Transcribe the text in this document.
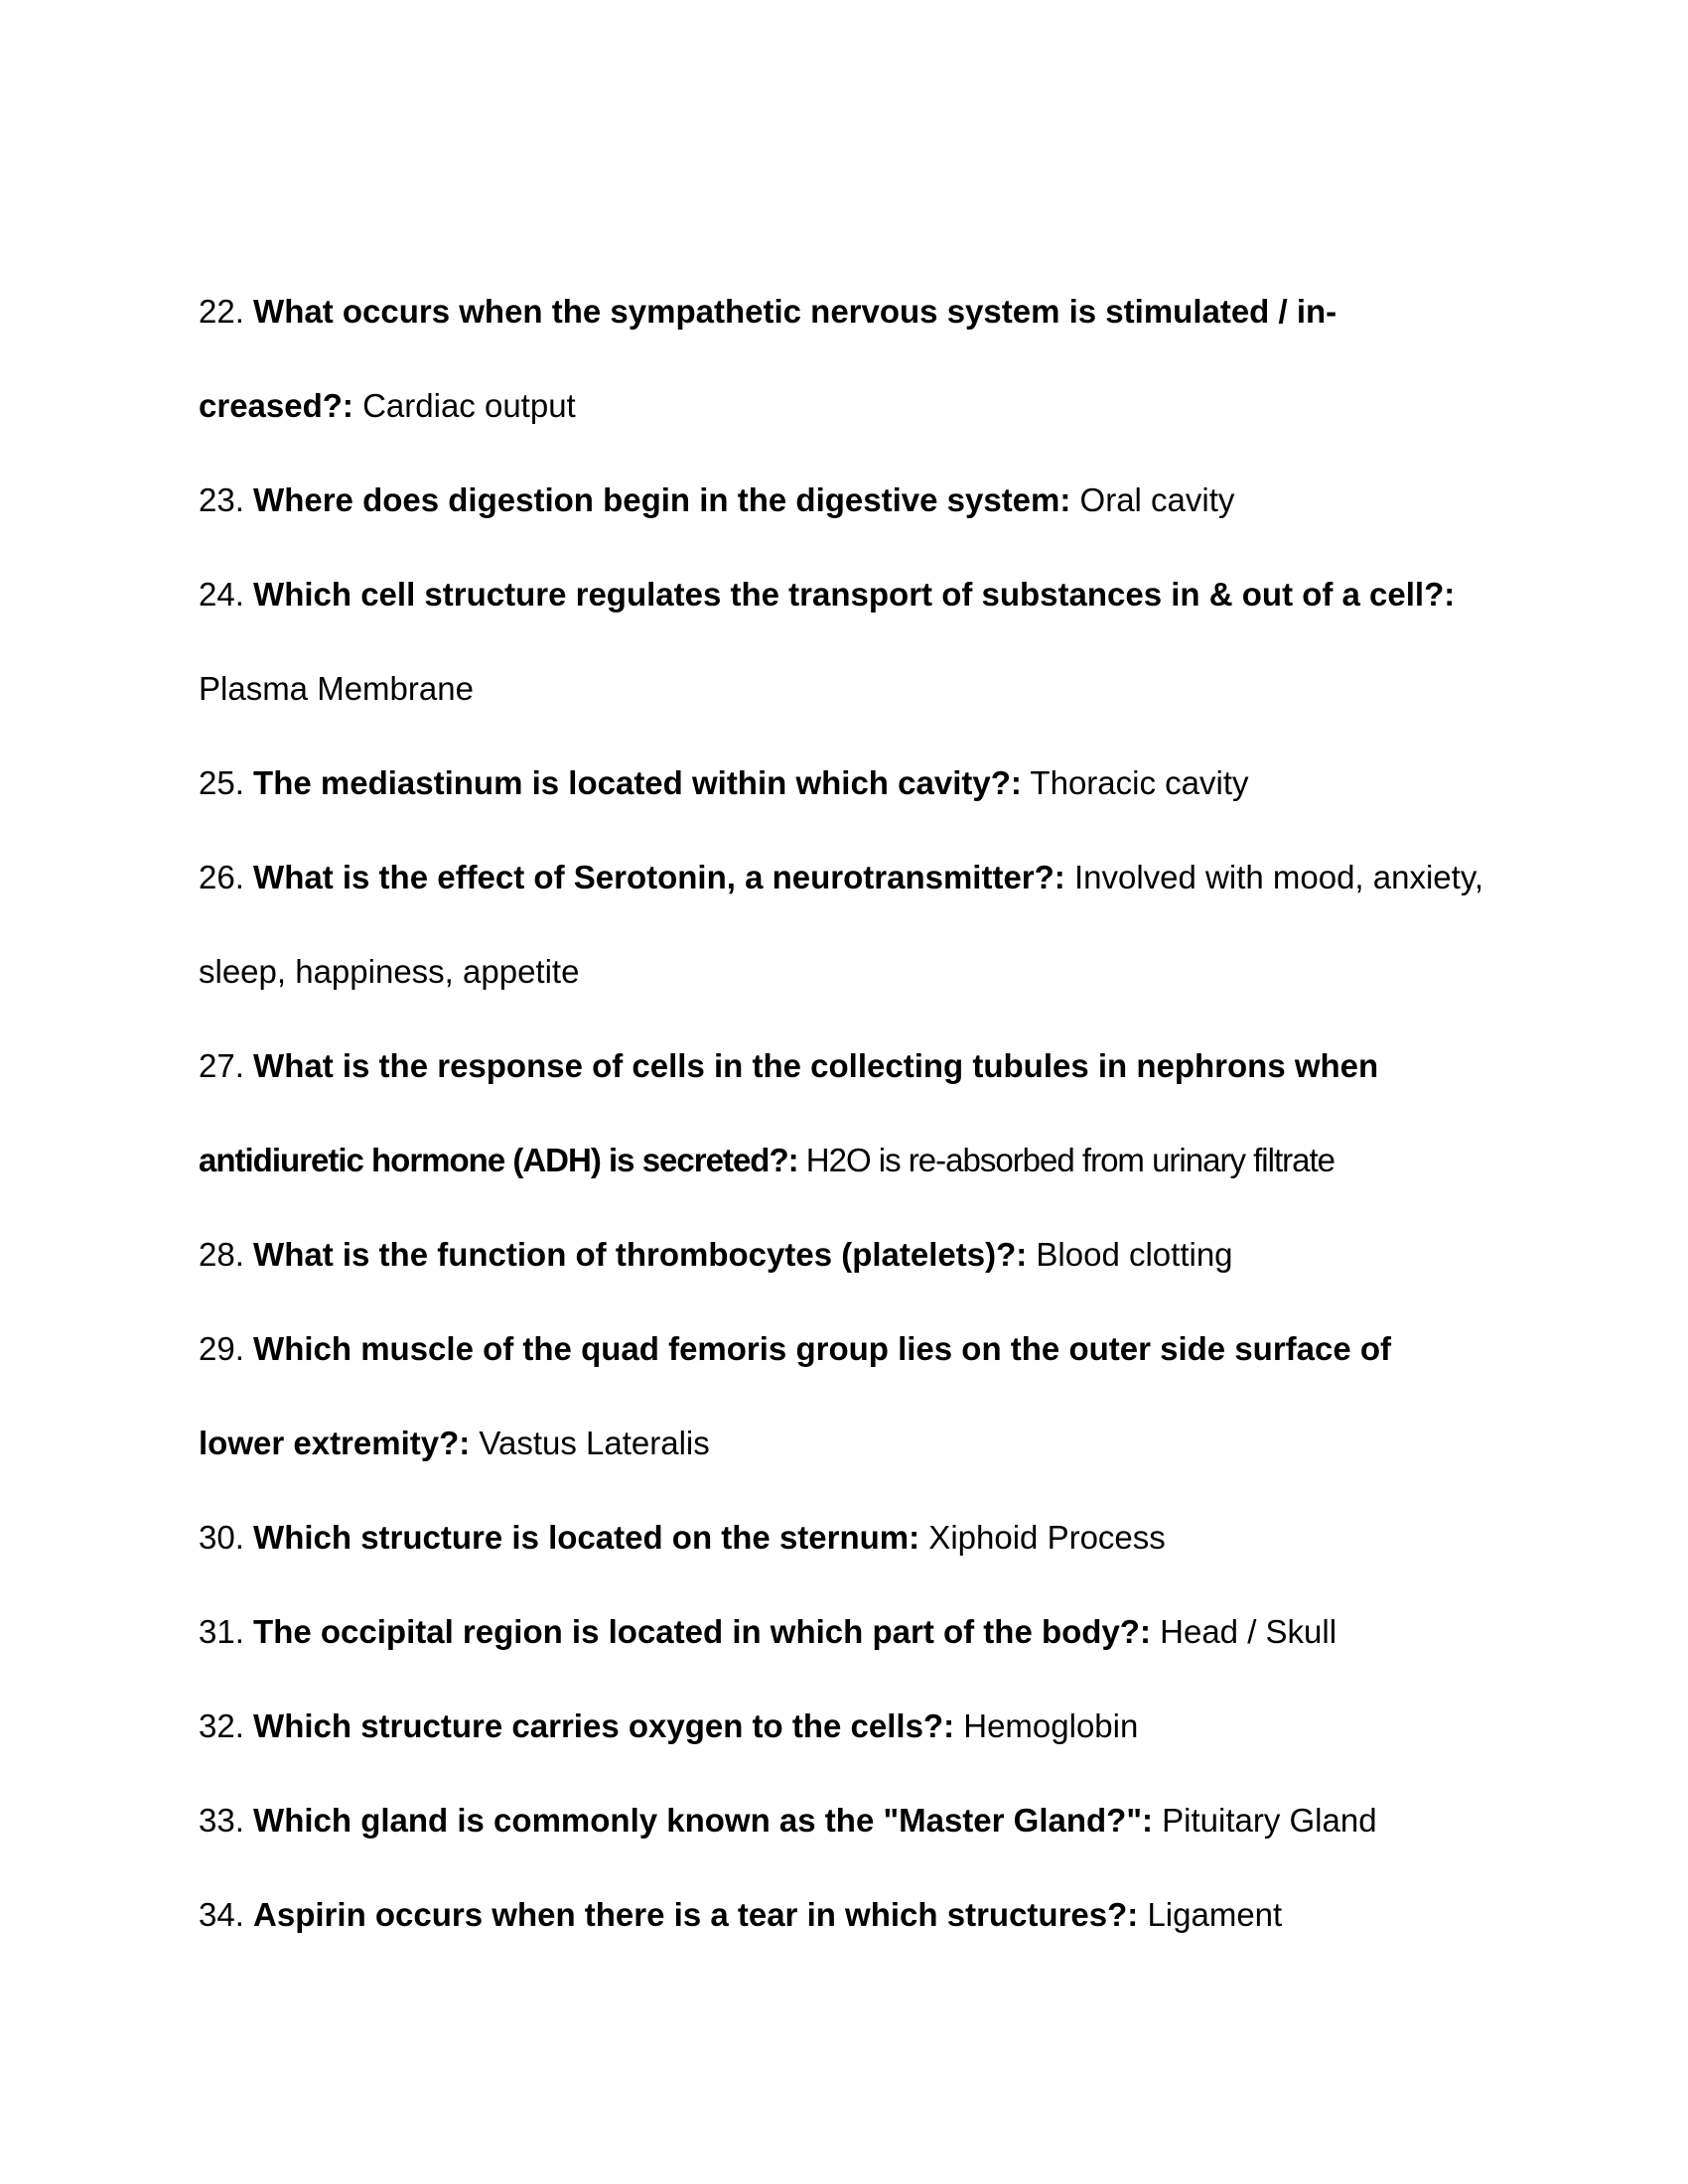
22. What occurs when the sympathetic nervous system is stimulated / in-
creased?: Cardiac output
23. Where does digestion begin in the digestive system: Oral cavity
24. Which cell structure regulates the transport of substances in & out of a cell?:
Plasma Membrane
25. The mediastinum is located within which cavity?: Thoracic cavity
26. What is the effect of Serotonin, a neurotransmitter?: Involved with mood, anxiety,
sleep, happiness, appetite
27. What is the response of cells in the collecting tubules in nephrons when
antidiuretic hormone (ADH) is secreted?: H2O is re-absorbed from urinary filtrate
28. What is the function of thrombocytes (platelets)?: Blood clotting
29. Which muscle of the quad femoris group lies on the outer side surface of
lower extremity?: Vastus Lateralis
30. Which structure is located on the sternum: Xiphoid Process
31. The occipital region is located in which part of the body?: Head / Skull
32. Which structure carries oxygen to the cells?: Hemoglobin
33. Which gland is commonly known as the "Master Gland?": Pituitary Gland
34. Aspirin occurs when there is a tear in which structures?: Ligament
